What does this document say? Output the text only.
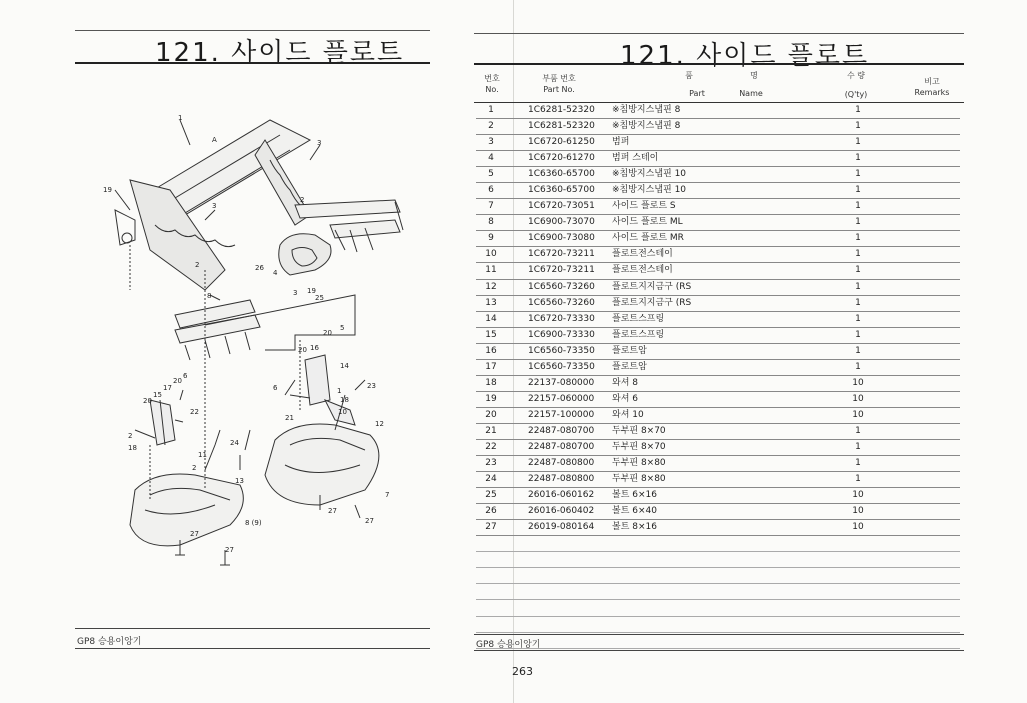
121. 사이드 플로트
19
1
A	3
3
2
2
8
26
4
3 19
25
5
20
16
20
14
6	23
1
18
10
12
21
6
20
17
15
20
22
2
18
11
24
2
13
7
27
27
8 (9)
27
27
GP8 승용이앙기
121. 사이드 플로트
번호
No.
부품 번호
Part No.
품	명
Part	Name
수 량
(Q'ty)
비고
Remarks
1	1C6281-52320 ※침방지스냅핀 8	1
2	1C6281-52320 ※침방지스냅핀 8	1
3	1C6720-61250 범퍼	1
4	1C6720-61270 범퍼 스테이	1
5	1C6360-65700 ※침방지스냅핀 10	1
6	1C6360-65700 ※침방지스냅핀 10	1
7	1C6720-73051 사이드 플로트 S	1
8	1C6900-73070 사이드 플로트 ML	1
9	1C6900-73080 사이드 플로트 MR	1
10	1C6720-73211 플로트전스테이	1
11	1C6720-73211 플로트전스테이	1
12	1C6560-73260 플로트지지금구 (RS	1
13	1C6560-73260 플로트지지금구 (RS	1
14	1C6720-73330 플로트스프링	1
15	1C6900-73330 플로트스프링	1
16	1C6560-73350 플로트암	1
17	1C6560-73350 플로트암	1
18	22137-080000 와셔 8	10
19	22157-060000 와셔 6	10
20	22157-100000 와셔 10	10
21	22487-080700 두부핀 8×70	1
22	22487-080700 두부핀 8×70	1
23	22487-080800 두부핀 8×80	1
24	22487-080800 두부핀 8×80	1
25	26016-060162 볼트 6×16	10
26	26016-060402 볼트 6×40	10
27	26019-080164 볼트 8×16	10
GP8 승용이앙기
263
